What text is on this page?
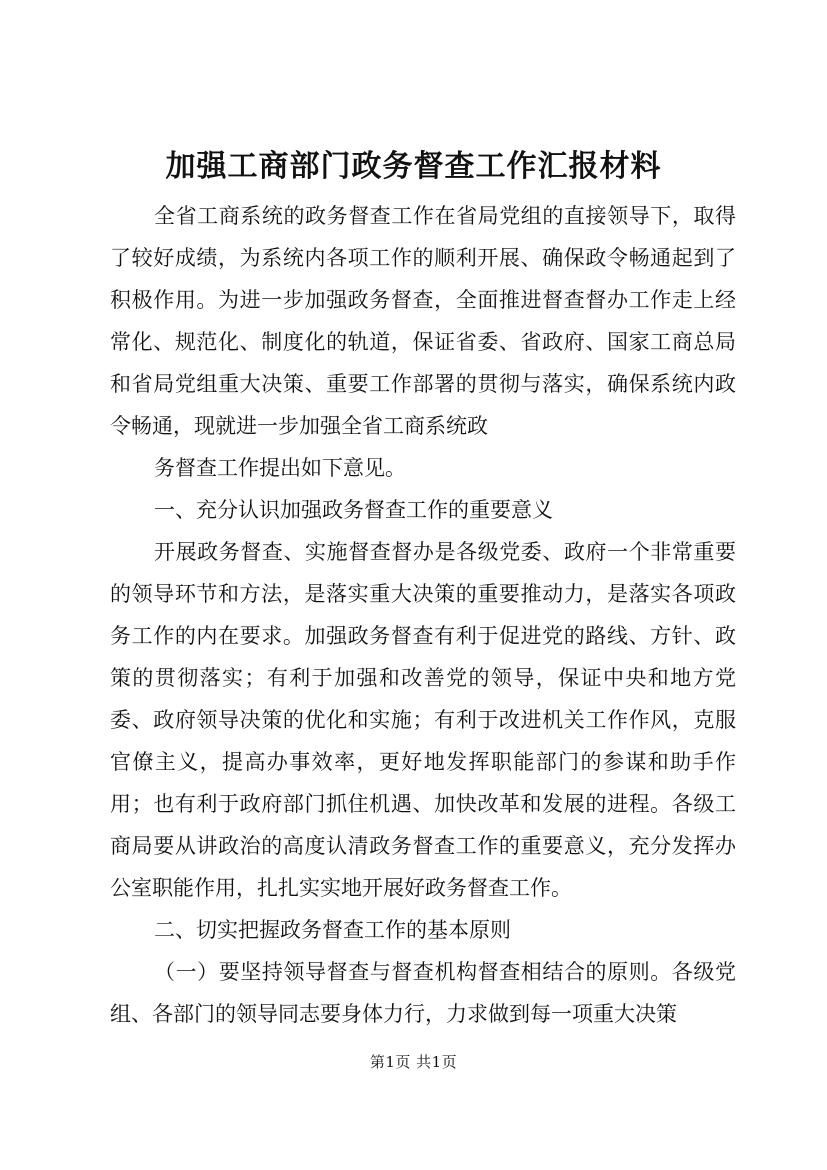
加强工商部门政务督查工作汇报材料

全省工商系统的政务督查工作在省局党组的直接领导下，取得了较好成绩，为系统内各项工作的顺利开展、确保政令畅通起到了积极作用。为进一步加强政务督查，全面推进督查督办工作走上经常化、规范化、制度化的轨道，保证省委、省政府、国家工商总局和省局党组重大决策、重要工作部署的贯彻与落实，确保系统内政令畅通，现就进一步加强全省工商系统政

务督查工作提出如下意见。

一、充分认识加强政务督查工作的重要意义

开展政务督查、实施督查督办是各级党委、政府一个非常重要的领导环节和方法，是落实重大决策的重要推动力，是落实各项政务工作的内在要求。加强政务督查有利于促进党的路线、方针、政策的贯彻落实；有利于加强和改善党的领导，保证中央和地方党委、政府领导决策的优化和实施；有利于改进机关工作作风，克服官僚主义，提高办事效率，更好地发挥职能部门的参谋和助手作用；也有利于政府部门抓住机遇、加快改革和发展的进程。各级工商局要从讲政治的高度认清政务督查工作的重要意义，充分发挥办公室职能作用，扎扎实实地开展好政务督查工作。

二、切实把握政务督查工作的基本原则

（一）要坚持领导督查与督查机构督查相结合的原则。各级党组、各部门的领导同志要身体力行，力求做到每一项重大决策

第1页 共1页
